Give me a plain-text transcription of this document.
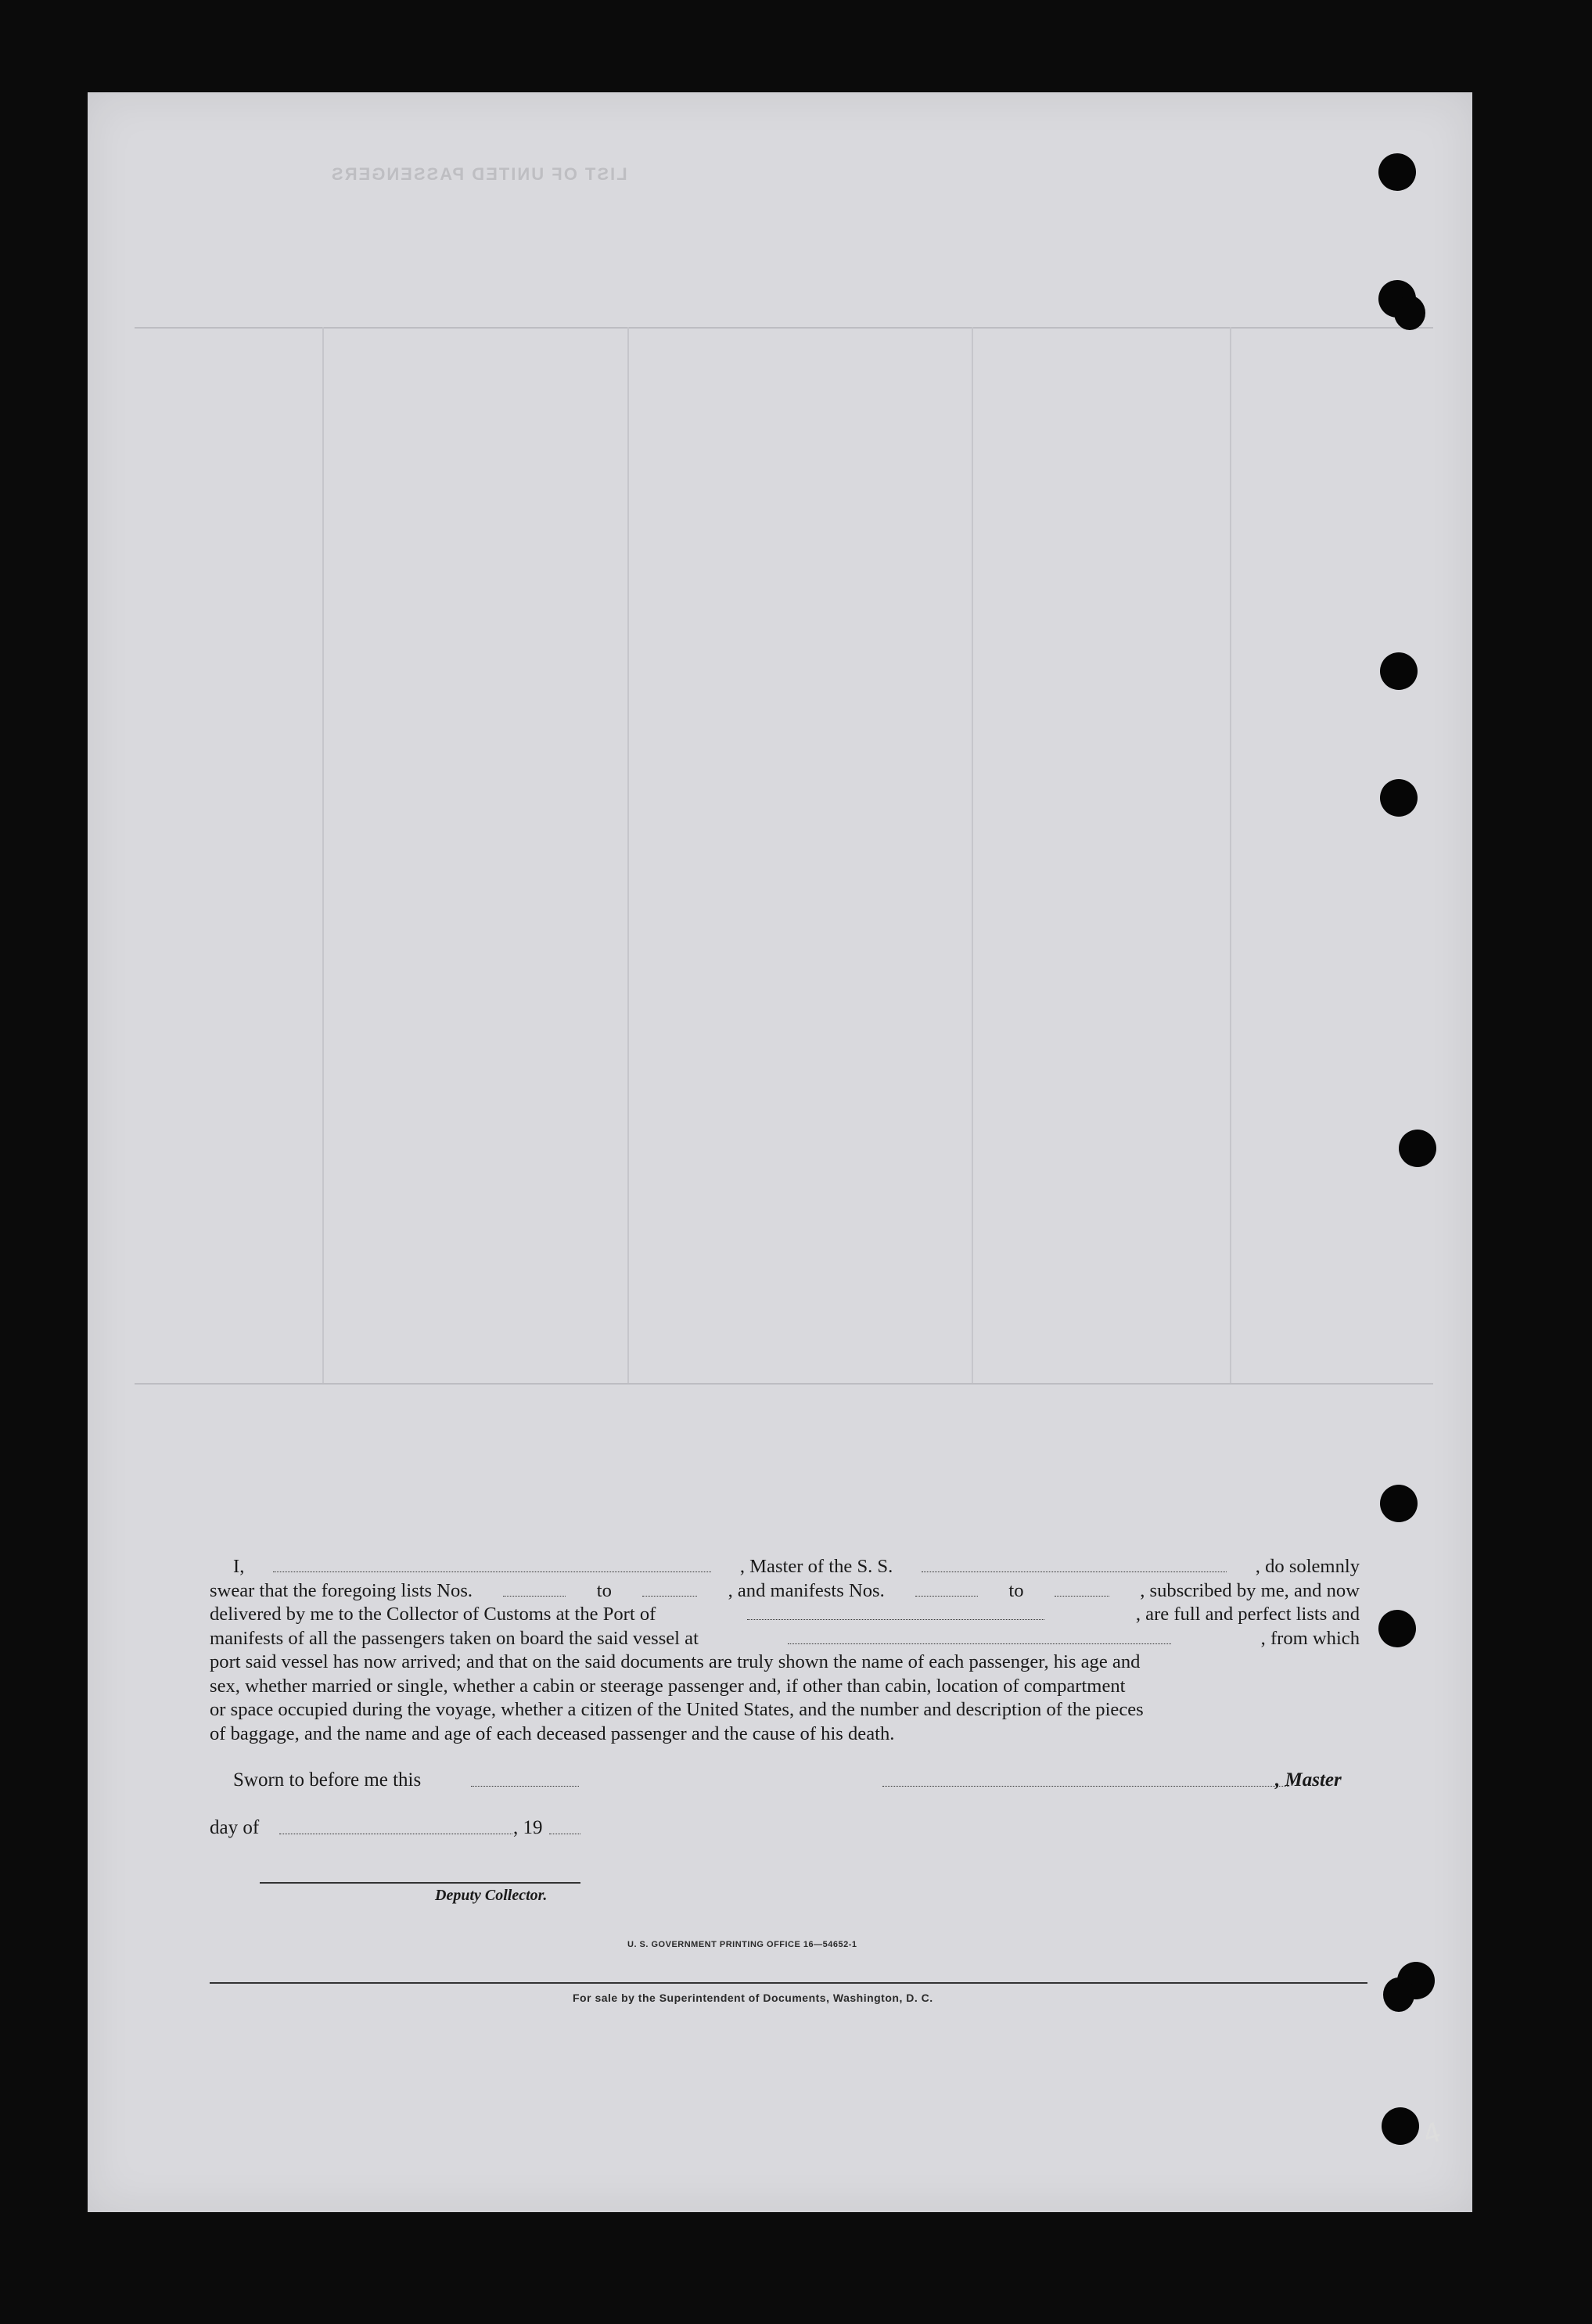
LIST OF UNITED PASSENGERS
I,	, Master of the S. S.	, do solemnly
swear that the foregoing lists Nos.	to	, and manifests Nos.	to	, subscribed by me, and now
delivered by me to the Collector of Customs at the Port of	, are full and perfect lists and
manifests of all the passengers taken on board the said vessel at	, from which
port said vessel has now arrived; and that on the said documents are truly shown the name of each passenger, his age and
sex, whether married or single, whether a cabin or steerage passenger and, if other than cabin, location of compartment
or space occupied during the voyage, whether a citizen of the United States, and the number and description of the pieces
of baggage, and the name and age of each deceased passenger and the cause of his death.
Sworn to before me this	, Master
day of	, 19
Deputy Collector.
U. S. GOVERNMENT PRINTING OFFICE 16—54652-1
For sale by the Superintendent of Documents, Washington, D. C.
4
